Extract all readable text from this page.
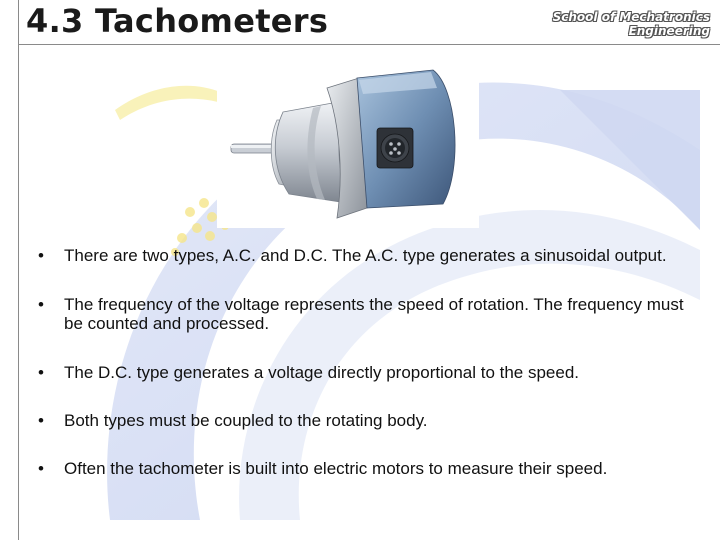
4.3 Tachometers	School of Mechatronics Engineering
• There are two types, A.C. and D.C. The A.C. type generates a sinusoidal output.
• The frequency of the voltage represents the speed of rotation. The frequency must be counted and processed.
• The D.C. type generates a voltage directly proportional to the speed.
• Both types must be coupled to the rotating body.
• Often the tachometer is built into electric motors to measure their speed.
